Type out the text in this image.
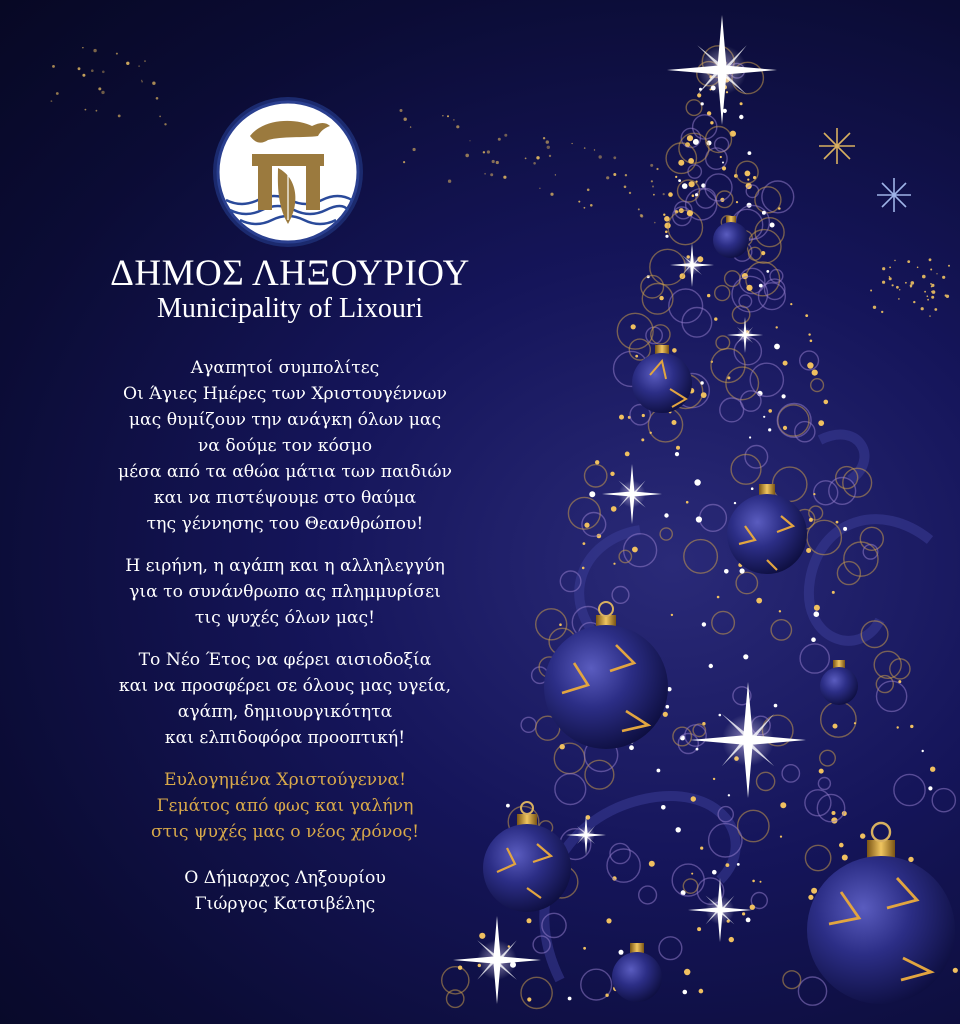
ΔΗΜΟΣ ΛΗΞΟΥΡΙΟΥ
Municipality of Lixouri
Αγαπητοί συμπολίτες
Οι Άγιες Ημέρες των Χριστουγέννων
μας θυμίζουν την ανάγκη όλων μας
να δούμε τον κόσμο
μέσα από τα αθώα μάτια των παιδιών
και να πιστέψουμε στο θαύμα
της γέννησης του Θεανθρώπου!
Η ειρήνη, η αγάπη και η αλληλεγγύη
για το συνάνθρωπο ας πλημμυρίσει
τις ψυχές όλων μας!
Το Νέο Έτος να φέρει αισιοδοξία
και να προσφέρει σε όλους μας υγεία,
αγάπη, δημιουργικότητα
και ελπιδοφόρα προοπτική!
Ευλογημένα Χριστούγεννα!
Γεμάτος από φως και γαλήνη
στις ψυχές μας ο νέος χρόνος!
Ο Δήμαρχος Ληξουρίου
Γιώργος Κατσιβέλης
